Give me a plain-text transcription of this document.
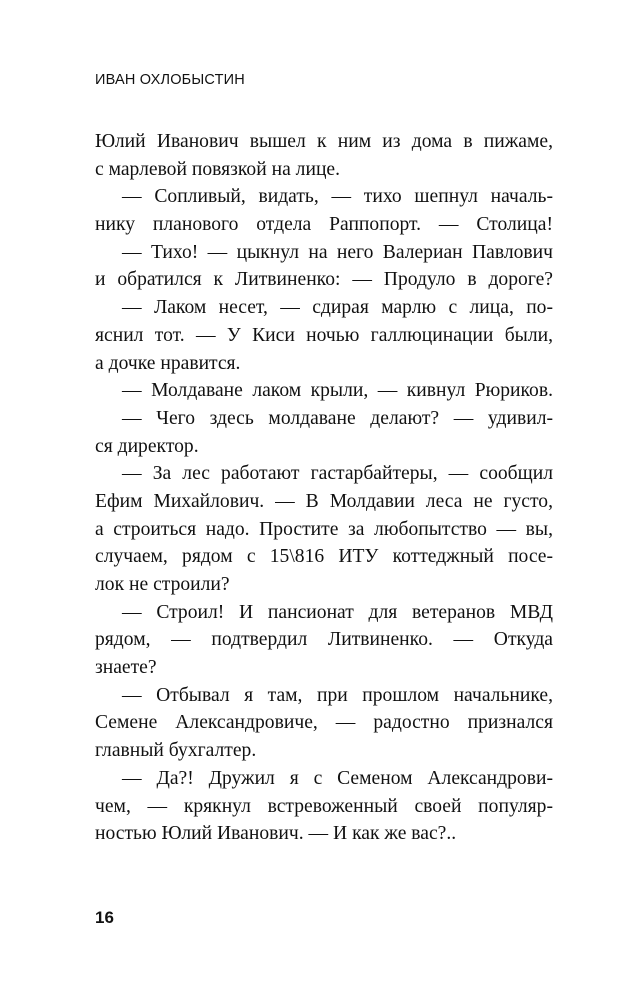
ИВАН ОХЛОБЫСТИН
Юлий Иванович вышел к ним из дома в пижаме,
с марлевой повязкой на лице.
— Сопливый, видать, — тихо шепнул началь-
нику планового отдела Раппопорт. — Столица!
— Тихо! — цыкнул на него Валериан Павлович
и обратился к Литвиненко: — Продуло в дороге?
— Лаком несет, — сдирая марлю с лица, по-
яснил тот. — У Киси ночью галлюцинации были,
а дочке нравится.
— Молдаване лаком крыли, — кивнул Рюриков.
— Чего здесь молдаване делают? — удивил-
ся директор.
— За лес работают гастарбайтеры, — сообщил
Ефим Михайлович. — В Молдавии леса не густо,
а строиться надо. Простите за любопытство — вы,
случаем, рядом с 15\816 ИТУ коттеджный посе-
лок не строили?
— Строил! И пансионат для ветеранов МВД
рядом, — подтвердил Литвиненко. — Откуда
знаете?
— Отбывал я там, при прошлом начальнике,
Семене Александровиче, — радостно признался
главный бухгалтер.
— Да?! Дружил я с Семеном Александрови-
чем, — крякнул встревоженный своей популяр-
ностью Юлий Иванович. — И как же вас?..
16
